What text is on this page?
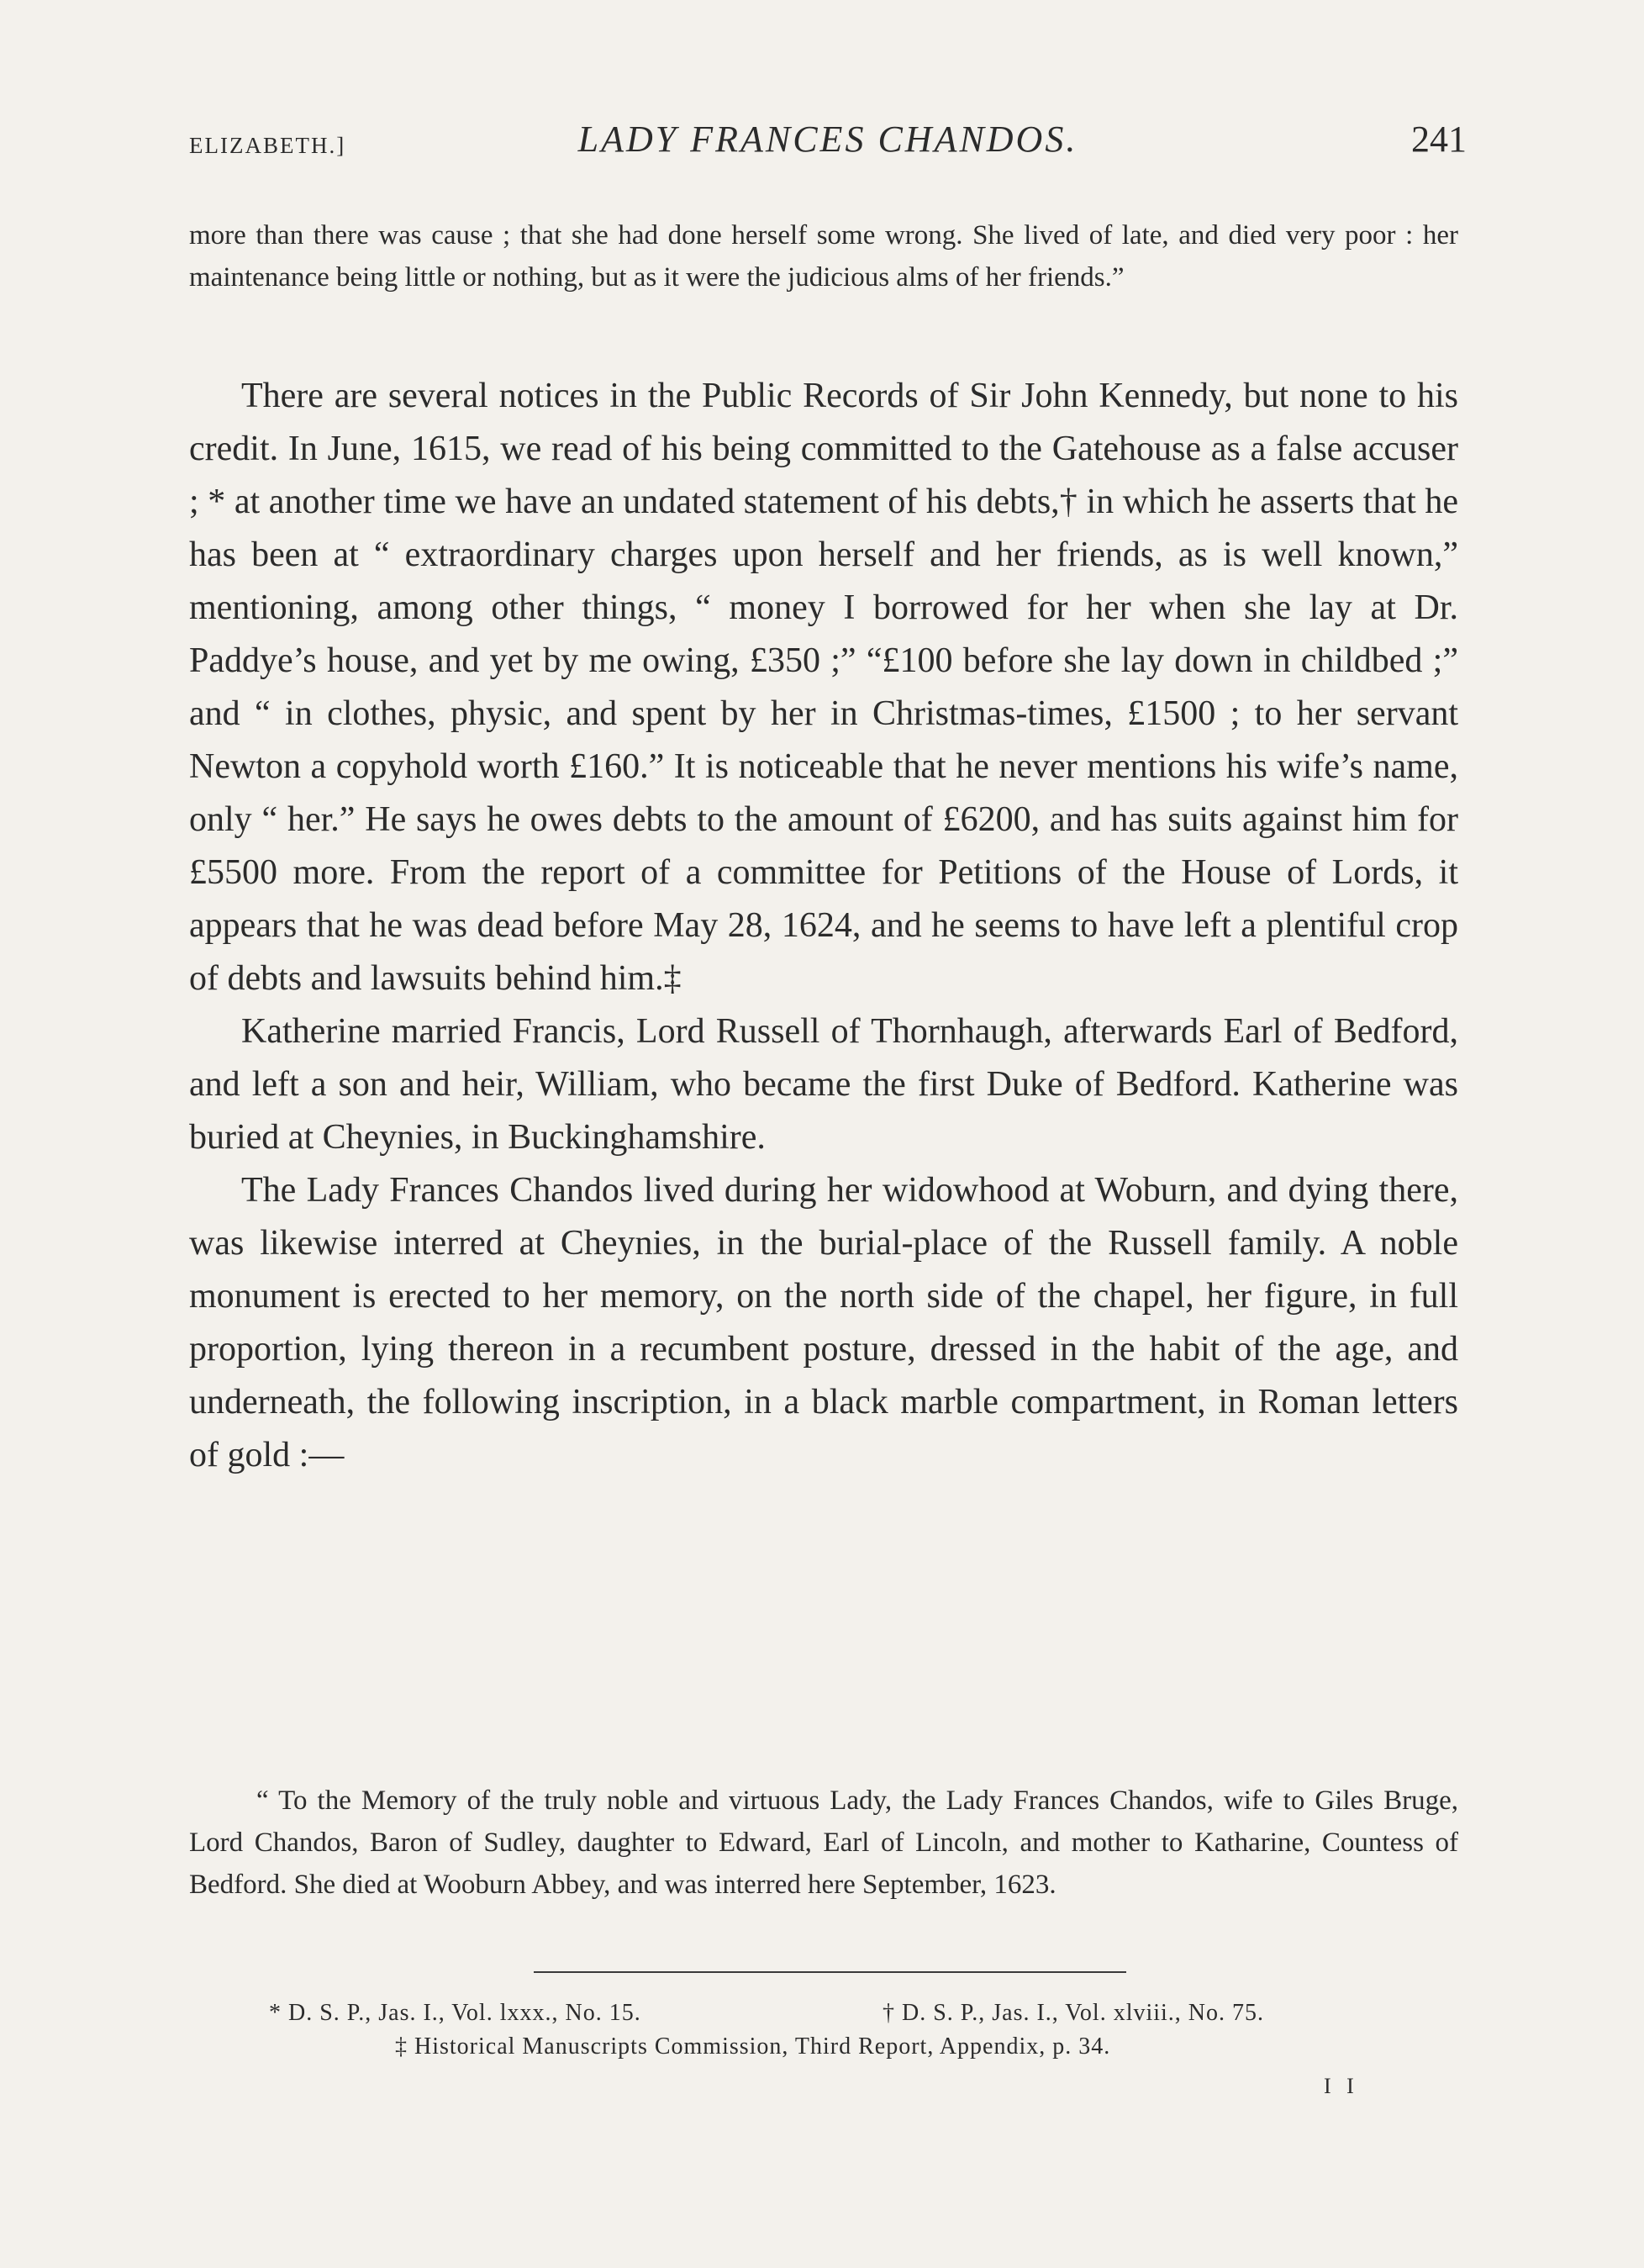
ELIZABETH.]	LADY FRANCES CHANDOS.	241
more than there was cause ; that she had done herself some wrong. She lived of late, and died very poor : her maintenance being little or nothing, but as it were the judicious alms of her friends.”

There are several notices in the Public Records of Sir John Kennedy, but none to his credit. In June, 1615, we read of his being committed to the Gatehouse as a false accuser ; * at another time we have an undated statement of his debts,† in which he asserts that he has been at “ extraordinary charges upon herself and her friends, as is well known,” mentioning, among other things, “ money I borrowed for her when she lay at Dr. Paddye’s house, and yet by me owing, £350 ;” “£100 before she lay down in childbed ;” and “ in clothes, physic, and spent by her in Christmas-times, £1500 ; to her servant Newton a copyhold worth £160.” It is noticeable that he never mentions his wife’s name, only “ her.” He says he owes debts to the amount of £6200, and has suits against him for £5500 more. From the report of a committee for Petitions of the House of Lords, it appears that he was dead before May 28, 1624, and he seems to have left a plentiful crop of debts and lawsuits behind him.‡

Katherine married Francis, Lord Russell of Thornhaugh, afterwards Earl of Bedford, and left a son and heir, William, who became the first Duke of Bedford. Katherine was buried at Cheynies, in Buckinghamshire.

The Lady Frances Chandos lived during her widowhood at Woburn, and dying there, was likewise interred at Cheynies, in the burial-place of the Russell family. A noble monument is erected to her memory, on the north side of the chapel, her figure, in full proportion, lying thereon in a recumbent posture, dressed in the habit of the age, and underneath, the following inscription, in a black marble compartment, in Roman letters of gold :—

“ To the Memory of the truly noble and virtuous Lady, the Lady Frances Chandos, wife to Giles Bruge, Lord Chandos, Baron of Sudley, daughter to Edward, Earl of Lincoln, and mother to Katharine, Countess of Bedford. She died at Wooburn Abbey, and was interred here September, 1623.
* D. S. P., Jas. I., Vol. lxxx., No. 15.	† D. S. P., Jas. I., Vol. xlviii., No. 75.
‡ Historical Manuscripts Commission, Third Report, Appendix, p. 34.
I I
